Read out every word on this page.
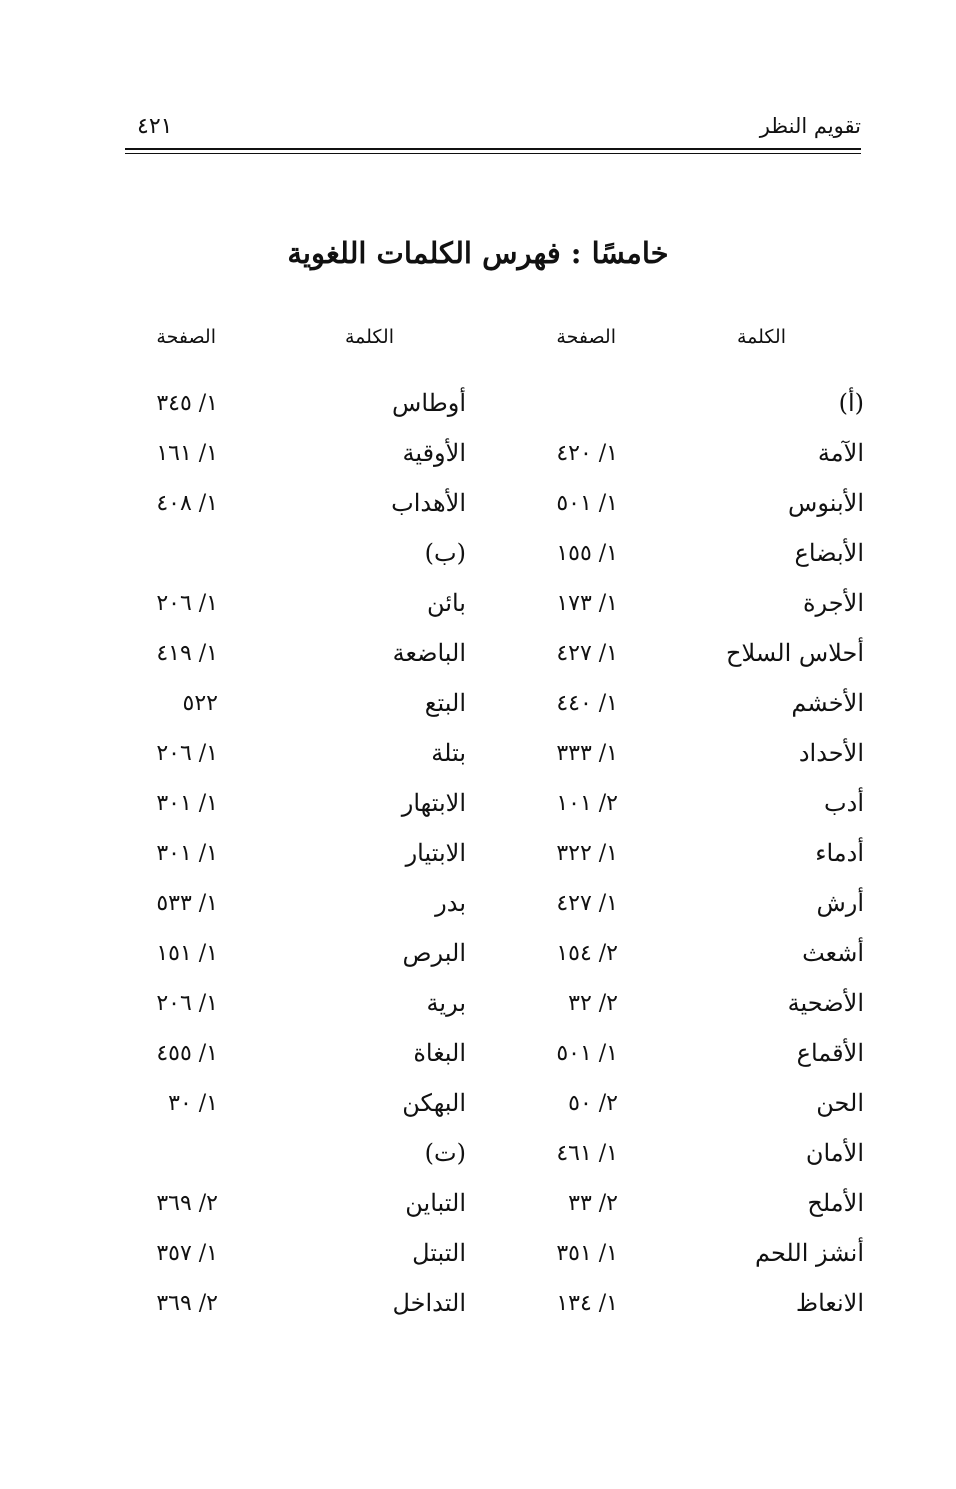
تقويم النظر
٤٢١
خامسًا : فهرس الكلمات اللغوية
الكلمة
الصفحة
الكلمة
الصفحة
(أ)
أوطاس
١/ ٣٤٥
الآمة
١/ ٤٢٠
الأوقية
١/ ١٦١
الأبنوس
١/ ٥٠١
الأهداب
١/ ٤٠٨
الأبضاع
١/ ١٥٥
(ب)
الأجرة
١/ ١٧٣
بائن
١/ ٢٠٦
أحلاس السلاح
١/ ٤٢٧
الباضعة
١/ ٤١٩
الأخشم
١/ ٤٤٠
البتع
٥٢٢
الأحداد
١/ ٣٣٣
بتلة
١/ ٢٠٦
أدب
٢/ ١٠١
الابتهار
١/ ٣٠١
أدماء
١/ ٣٢٢
الابتيار
١/ ٣٠١
أرش
١/ ٤٢٧
بدر
١/ ٥٣٣
أشعث
٢/ ١٥٤
البرص
١/ ١٥١
الأضحية
٢/ ٣٢
برية
١/ ٢٠٦
الأقماع
١/ ٥٠١
البغاة
١/ ٤٥٥
الحن
٢/ ٥٠
البهكن
١/ ٣٠
الأمان
١/ ٤٦١
(ت)
الأملح
٢/ ٣٣
التباين
٢/ ٣٦٩
أنشز اللحم
١/ ٣٥١
التبتل
١/ ٣٥٧
الانعاظ
١/ ١٣٤
التداخل
٢/ ٣٦٩
